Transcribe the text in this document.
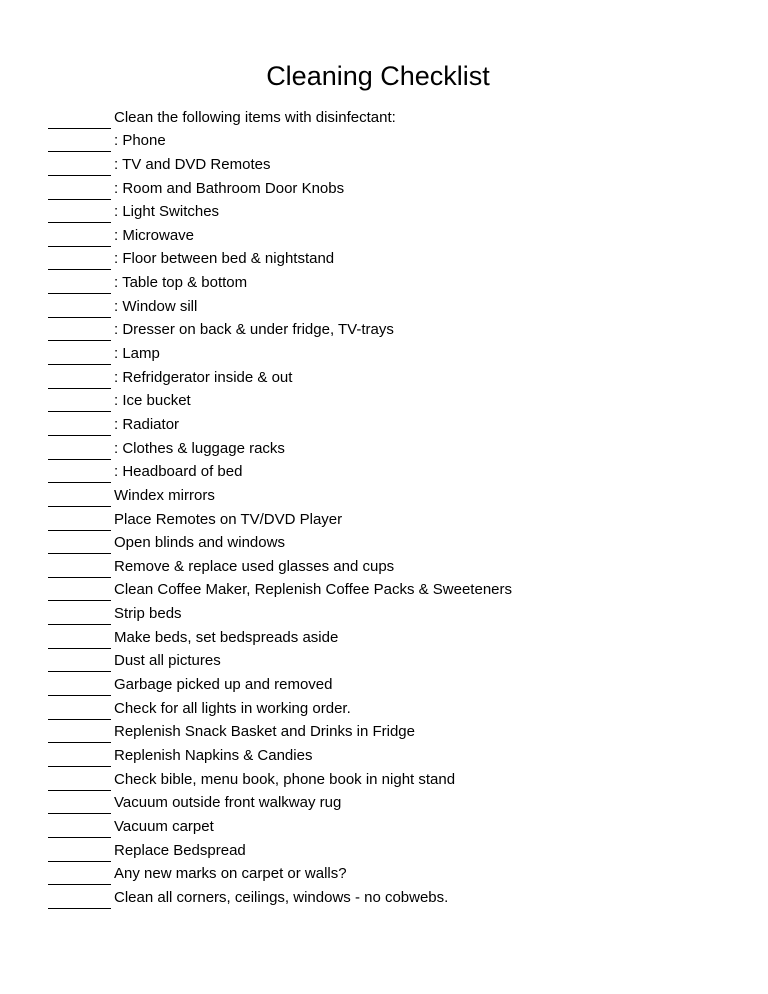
Cleaning Checklist
Clean the following items with disinfectant:
: Phone
: TV and DVD Remotes
: Room and Bathroom Door Knobs
: Light Switches
: Microwave
: Floor between bed & nightstand
: Table top & bottom
: Window sill
: Dresser on back & under fridge, TV-trays
: Lamp
: Refridgerator inside & out
: Ice bucket
: Radiator
: Clothes & luggage racks
: Headboard of bed
Windex mirrors
Place Remotes on TV/DVD Player
Open blinds and windows
Remove & replace used glasses and cups
Clean Coffee Maker, Replenish Coffee Packs & Sweeteners
Strip beds
Make beds, set bedspreads aside
Dust all pictures
Garbage picked up and removed
Check for all lights in working order.
Replenish Snack Basket and Drinks in Fridge
Replenish Napkins & Candies
Check bible, menu book, phone book in night stand
Vacuum outside front walkway rug
Vacuum carpet
Replace Bedspread
Any new marks on carpet or walls?
Clean all corners, ceilings, windows - no cobwebs.
